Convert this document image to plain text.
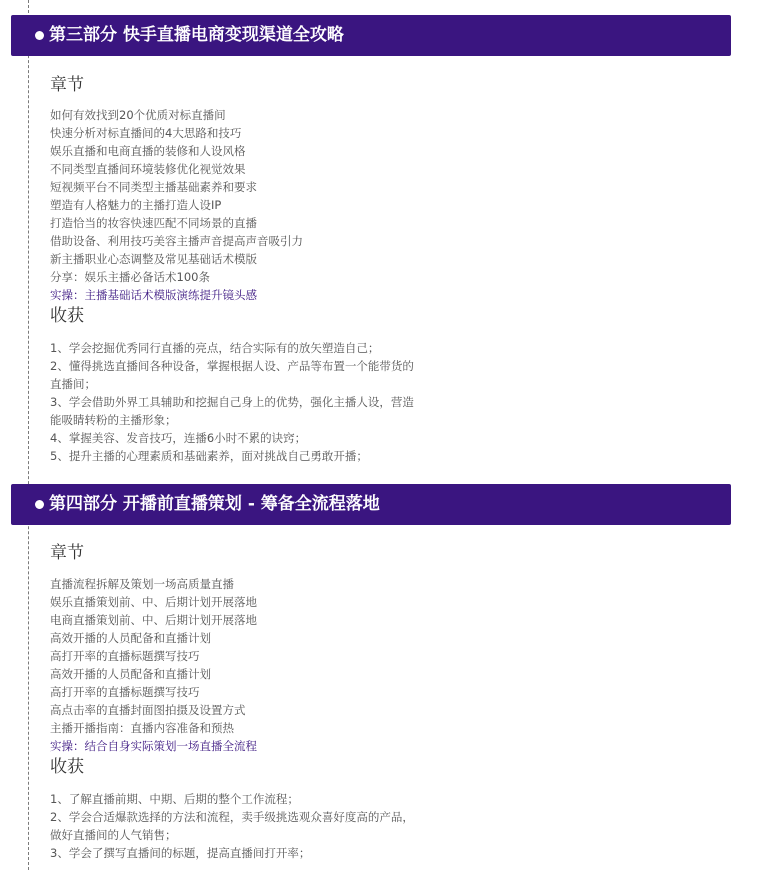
第三部分 快手直播电商变现渠道全攻略
章节
如何有效找到20个优质对标直播间
快速分析对标直播间的4大思路和技巧
娱乐直播和电商直播的装修和人设风格
不同类型直播间环境装修优化视觉效果
短视频平台不同类型主播基础素养和要求
塑造有人格魅力的主播打造人设IP
打造恰当的妆容快速匹配不同场景的直播
借助设备、利用技巧美容主播声音提高声音吸引力
新主播职业心态调整及常见基础话术模版
分享：娱乐主播必备话术100条
实操：主播基础话术模版演练提升镜头感
收获
1、学会挖掘优秀同行直播的亮点，结合实际有的放矢塑造自己；
2、懂得挑选直播间各种设备，掌握根据人设、产品等布置一个能带货的直播间；
3、学会借助外界工具辅助和挖掘自己身上的优势，强化主播人设，营造能吸睛转粉的主播形象；
4、掌握美容、发音技巧，连播6小时不累的诀窍；
5、提升主播的心理素质和基础素养，面对挑战自己勇敢开播；
第四部分 开播前直播策划 - 筹备全流程落地
章节
直播流程拆解及策划一场高质量直播
娱乐直播策划前、中、后期计划开展落地
电商直播策划前、中、后期计划开展落地
高效开播的人员配备和直播计划
高打开率的直播标题撰写技巧
高效开播的人员配备和直播计划
高打开率的直播标题撰写技巧
高点击率的直播封面图拍摄及设置方式
主播开播指南：直播内容准备和预热
实操：结合自身实际策划一场直播全流程
收获
1、了解直播前期、中期、后期的整个工作流程；
2、学会合适爆款选择的方法和流程，卖手级挑选观众喜好度高的产品，做好直播间的人气销售；
3、学会了撰写直播间的标题，提高直播间打开率；
